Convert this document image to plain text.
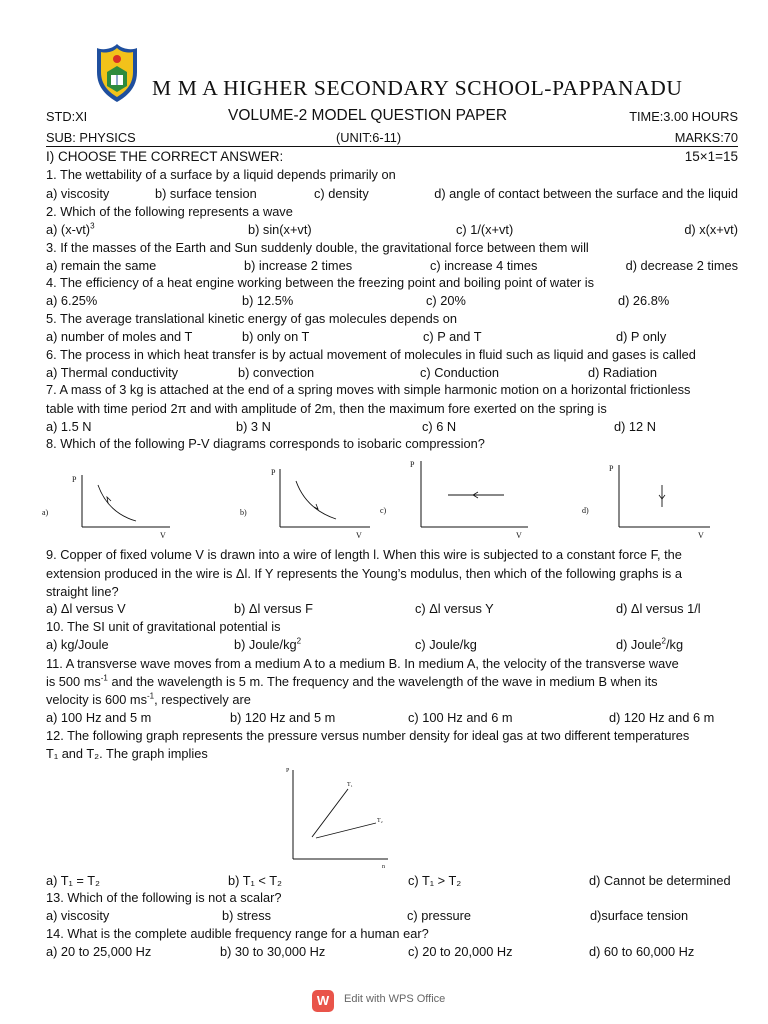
M M A HIGHER SECONDARY SCHOOL-PAPPANADU
STD:XI	VOLUME-2 MODEL QUESTION PAPER	TIME:3.00 HOURS
SUB: PHYSICS	(UNIT:6-11)	MARKS:70
I) CHOOSE THE CORRECT ANSWER:	15×1=15
1. The wettability of a surface by a liquid depends primarily on
a) viscosity	b) surface tension	c) density	d) angle of contact between the surface and the liquid
2. Which of the following represents a wave
a) $(x-vt)^3$	b) sin(x+vt)	c) 1/(x+vt)	d) x(x+vt)
3. If the masses of the Earth and Sun suddenly double, the gravitational force between them will
a) remain the same	b) increase 2 times	c) increase 4 times	d) decrease 2 times
4. The efficiency of a heat engine working between the freezing point and boiling point of water is
a) 6.25%	b) 12.5%	c) 20%	d) 26.8%
5. The average translational kinetic energy of gas molecules depends on
a) number of moles and T	b) only on T	c) P and T	d) P only
6. The process in which heat transfer is by actual movement of molecules in fluid such as liquid and gases is called
a) Thermal conductivity	b) convection	c) Conduction	d) Radiation
7. A mass of 3 kg is attached at the end of a spring moves with simple harmonic motion on a horizontal frictionless
table with time period 2π and with amplitude of 2m, then the maximum fore exerted on the spring is
a) 1.5 N	b) 3 N	c) 6 N	d) 12 N
8. Which of the following P-V diagrams corresponds to isobaric compression?
a)
P
V
b)
P
V
c)
P
V
d)
P
V
9. Copper of fixed volume V is drawn into a wire of length l. When this wire is subjected to a constant force F, the
extension produced in the wire is Δl. If Y represents the Young’s modulus, then which of the following graphs is a
straight line?
a) Δl versus V	b) Δl versus F	c) Δl versus Y	d) Δl versus 1/l
10. The SI unit of gravitational potential is
a) kg/Joule	b) Joule/$kg^2$	c) Joule/kg	d) Joule$^2$/kg
11. A transverse wave moves from a medium A to a medium B. In medium A, the velocity of the transverse wave
is 500 $ms^{-1}$ and the wavelength is 5 m. The frequency and the wavelength of the wave in medium B when its
velocity is 600 $ms^{-1}$, respectively are
a) 100 Hz and 5 m	b) 120 Hz and 5 m	c) 100 Hz and 6 m	d) 120 Hz and 6 m
12. The following graph represents the pressure versus number density for ideal gas at two different temperatures
T₁ and T₂. The graph implies
P
n
T₁
T₂
a) T₁ = T₂	b) T₁ < T₂	c) T₁ > T₂	d) Cannot be determined
13. Which of the following is not a scalar?
a) viscosity	b) stress	c) pressure	d)surface tension
14. What is the complete audible frequency range for a human ear?
a) 20 to 25,000 Hz	b) 30 to 30,000 Hz	c) 20 to 20,000 Hz	d) 60 to 60,000 Hz
W	Edit with WPS Office
